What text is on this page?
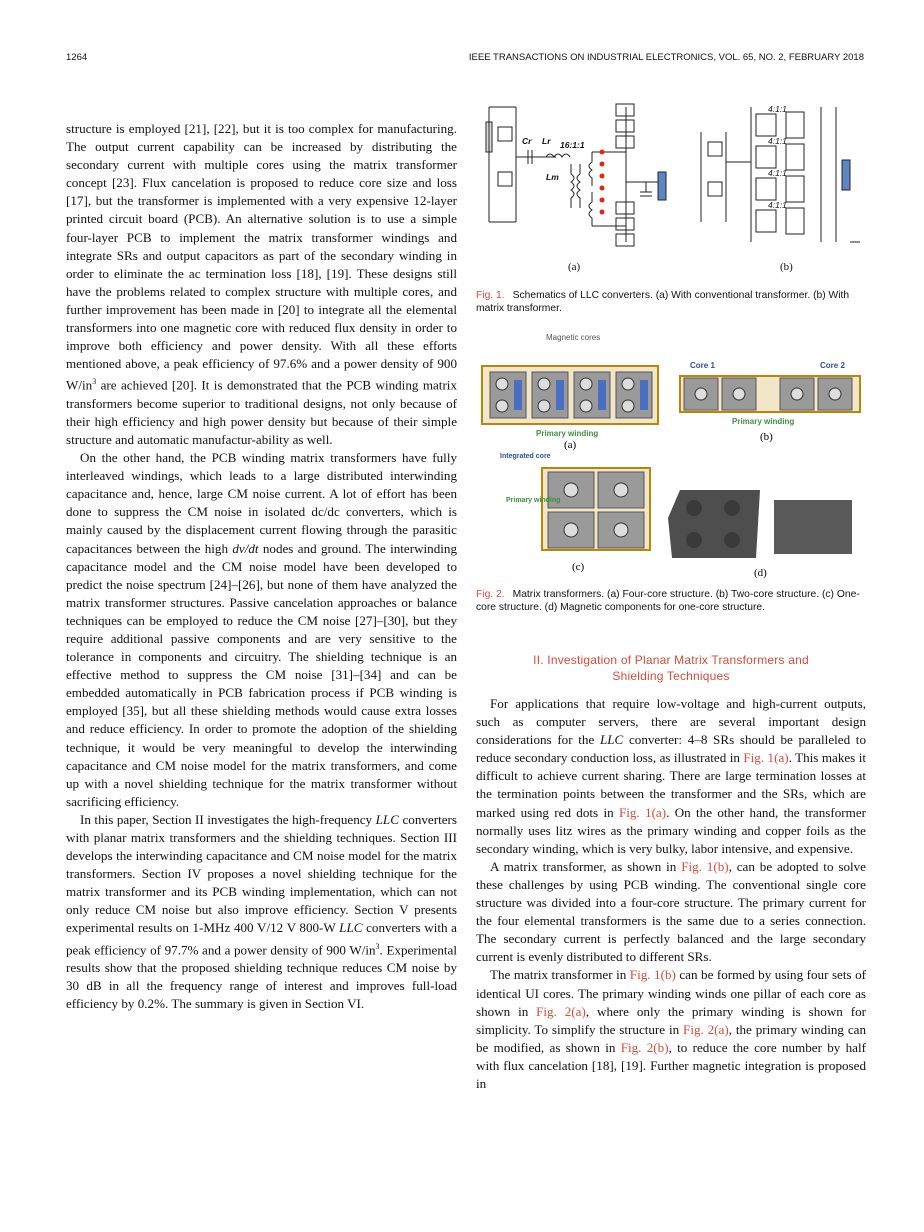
1264	IEEE TRANSACTIONS ON INDUSTRIAL ELECTRONICS, VOL. 65, NO. 2, FEBRUARY 2018

structure is employed [21], [22], but it is too complex for manufacturing. The output current capability can be increased by distributing the secondary current with multiple cores using the matrix transformer concept [23]. Flux cancelation is proposed to reduce core size and loss [17], but the transformer is implemented with a very expensive 12-layer printed circuit board (PCB). An alternative solution is to use a simple four-layer PCB to implement the matrix transformer windings and integrate SRs and output capacitors as part of the secondary winding in order to eliminate the ac termination loss [18], [19]. These designs still have the problems related to complex structure with multiple cores, and further improvement has been made in [20] to integrate all the elemental transformers into one magnetic core with reduced flux density in order to improve both efficiency and power density. With all these efforts mentioned above, a peak efficiency of 97.6% and a power density of 900 $W/in^3$ are achieved [20]. It is demonstrated that the PCB winding matrix transformers become superior to traditional designs, not only because of their high efficiency and high power density but because of their simple structure and automatic manufactur-ability as well.

On the other hand, the PCB winding matrix transformers have fully interleaved windings, which leads to a large distributed interwinding capacitance and, hence, large CM noise current. A lot of effort has been done to suppress the CM noise in isolated dc/dc converters, which is mainly caused by the displacement current flowing through the parasitic capacitances between the high dv/dt nodes and ground. The interwinding capacitance model and the CM noise model have been developed to predict the noise spectrum [24]–[26], but none of them have analyzed the matrix transformer structures. Passive cancelation approaches or balance techniques can be employed to reduce the CM noise [27]–[30], but they require additional passive components and are very sensitive to the tolerance in components and circuitry. The shielding technique is an effective method to suppress the CM noise [31]–[34] and can be embedded automatically in PCB fabrication process if PCB winding is employed [35], but all these shielding methods would cause extra losses and reduce efficiency. In order to promote the adoption of the shielding technique, it would be very meaningful to develop the interwinding capacitance and CM noise model for the matrix transformers, and come up with a novel shielding technique for the matrix transformer without sacrificing efficiency.

In this paper, Section II investigates the high-frequency LLC converters with planar matrix transformers and the shielding techniques. Section III develops the interwinding capacitance and CM noise model for the matrix transformers. Section IV proposes a novel shielding technique for the matrix transformer and its PCB winding implementation, which can not only reduce CM noise but also improve efficiency. Section V presents experimental results on 1-MHz 400 V/12 V 800-W LLC converters with a peak efficiency of 97.7% and a power density of 900 $W/in^3$. Experimental results show that the proposed shielding technique reduces CM noise by 30 dB in all the frequency range of interest and improves full-load efficiency by 0.2%. The summary is given in Section VI.

Cr Lr 16:1:1
Lm
4:1:1
4:1:1
4:1:1
4:1:1
(a)	(b)
Fig. 1. Schematics of LLC converters. (a) With conventional transformer. (b) With matrix transformer.
Magnetic cores
Primary winding
(a)
Core 1	Core 2
Primary winding
(b)
Integrated core
Primary winding
(c)	(d)
Fig. 2. Matrix transformers. (a) Four-core structure. (b) Two-core structure. (c) One-core structure. (d) Magnetic components for one-core structure.
II. Investigation of Planar Matrix Transformers and
Shielding Techniques

For applications that require low-voltage and high-current outputs, such as computer servers, there are several important design considerations for the LLC converter: 4–8 SRs should be paralleled to reduce secondary conduction loss, as illustrated in Fig. 1(a). This makes it difficult to achieve current sharing. There are large termination losses at the termination points between the transformer and the SRs, which are marked using red dots in Fig. 1(a). On the other hand, the transformer normally uses litz wires as the primary winding and copper foils as the secondary winding, which is very bulky, labor intensive, and expensive.

A matrix transformer, as shown in Fig. 1(b), can be adopted to solve these challenges by using PCB winding. The conventional single core structure was divided into a four-core structure. The primary current for the four elemental transformers is the same due to a series connection. The secondary current is perfectly balanced and the large secondary current is evenly distributed to different SRs.

The matrix transformer in Fig. 1(b) can be formed by using four sets of identical UI cores. The primary winding winds one pillar of each core as shown in Fig. 2(a), where only the primary winding is shown for simplicity. To simplify the structure in Fig. 2(a), the primary winding can be modified, as shown in Fig. 2(b), to reduce the core number by half with flux cancelation [18], [19]. Further magnetic integration is proposed in
